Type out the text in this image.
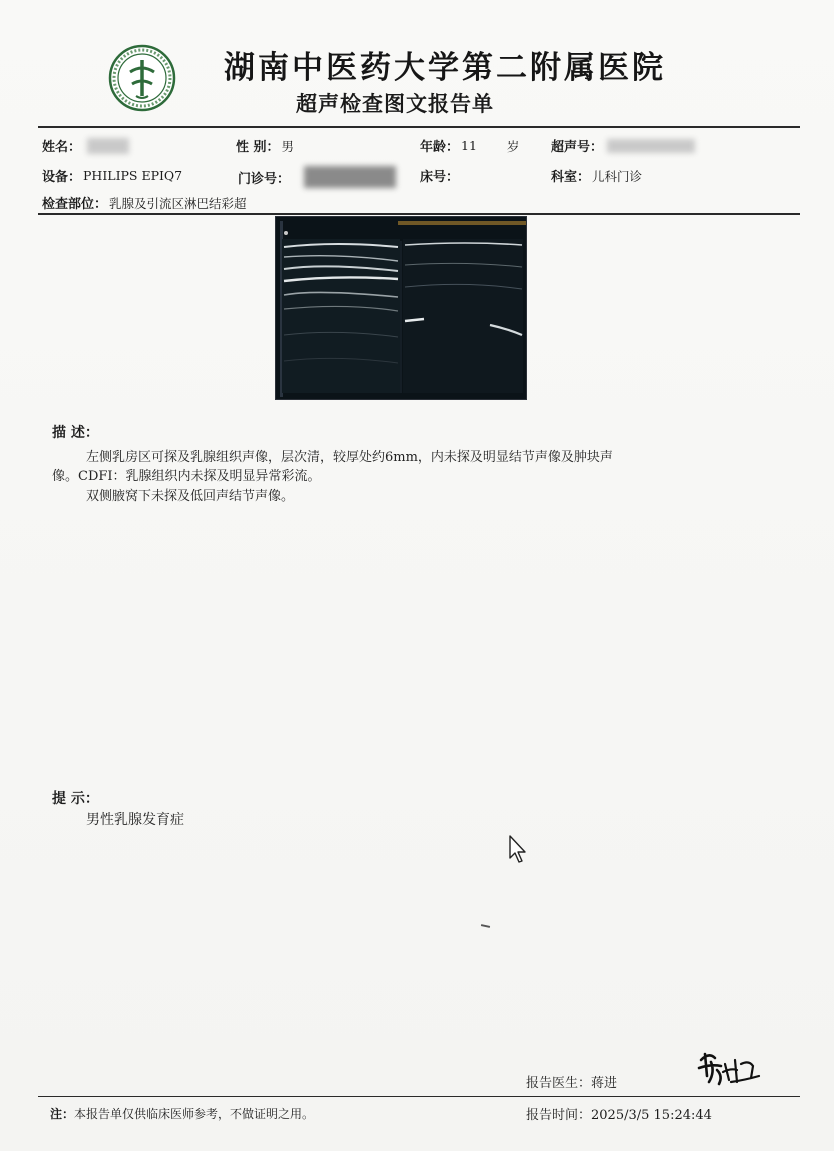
湖南中医药大学第二附属医院
超声检查图文报告单
姓名：	性 别： 男	年龄： 11 岁 超声号：
设备： PHILIPS EPIQ7	门诊号：	床号：	科室： 儿科门诊
检查部位： 乳腺及引流区淋巴结彩超
描 述：
左侧乳房区可探及乳腺组织声像，层次清，较厚处约6mm，内未探及明显结节声像及肿块声
像。CDFI：乳腺组织内未探及明显异常彩流。
双侧腋窝下未探及低回声结节声像。
提 示：
男性乳腺发育症
报告医生：蒋进
注：本报告单仅供临床医师参考，不做证明之用。	报告时间：2025/3/5 15:24:44
